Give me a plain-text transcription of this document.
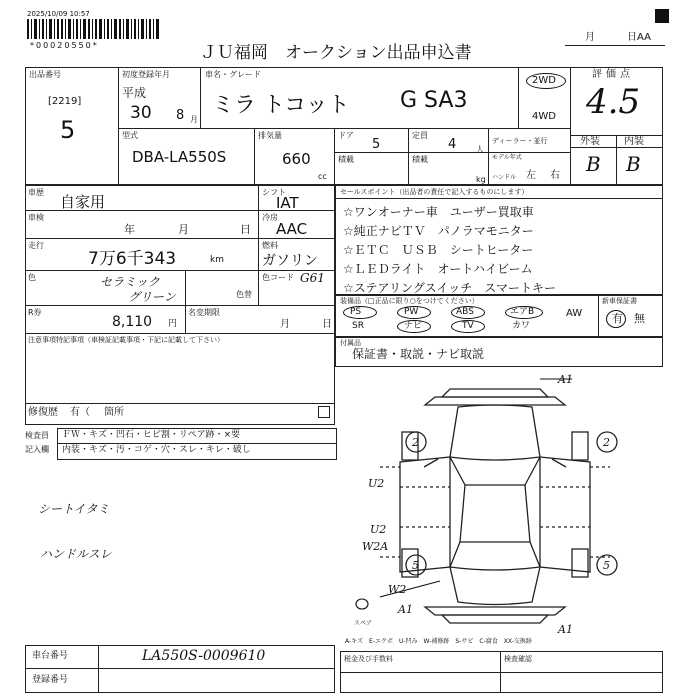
2025/10/09 10:57
*00020550*	ＪＵ福岡　オークション出品申込書
月	日AA
出品番号
[2219]
5
初度登録年月
平成
30 8 月
車名・グレード
ミラ トコット G SA3
2WD
4WD
評価点
4.5
型式
DBA-LA550S
排気量
660
cc
ドア
5
定員
4 人
ディーラー・並行
積載	積載
kg
モデル年式
ハンドル 左 右
外装 内装
B B
車歴
自家用
車検
年	月	日
走行
7万6千343	km
シフト
IAT
冷房
AAC
燃料
ガソリン
色	セラミック
グリーン
色コード G61
色替
R券
8,110 円
名変期限
月	日
注意事項特記事項（車検証記載事項・下記に記載して下さい）
修復歴 有（ 箇所
セールスポイント（出品者の責任で記入するものにします）
☆ワンオーナー車　ユーザー買取車
☆純正ナビＴＶ　パノラマモニター
☆ＥＴＣ　ＵＳＢ　シートヒーター
☆ＬＥＤライト　オートハイビーム
☆ステアリングスイッチ　スマートキー
装備品（□正品に限り○をつけてください）	新車保証書
有 無
PS	PW	ABS	エアB	AW
SR	ナビ	TV	カワ
付属品
保証書・取説・ナビ取説
検査員
記入欄
ＦＷ・キズ・凹石・ヒビ割・リペア跡・×要
内装・キズ・汚・コゲ・穴・スレ・キレ・破し
シートイタミ
ハンドルスレ
A1
2	2
U2
U2
W2A
5	5
W2
A1
A1
スペア
A-キズ　E-エクボ　U-凹み　W-補修跡　S-サビ　C-腐食　XX-交換跡
車台番号	LA550S-0009610
登録番号
税金及び手数料	検査確認
